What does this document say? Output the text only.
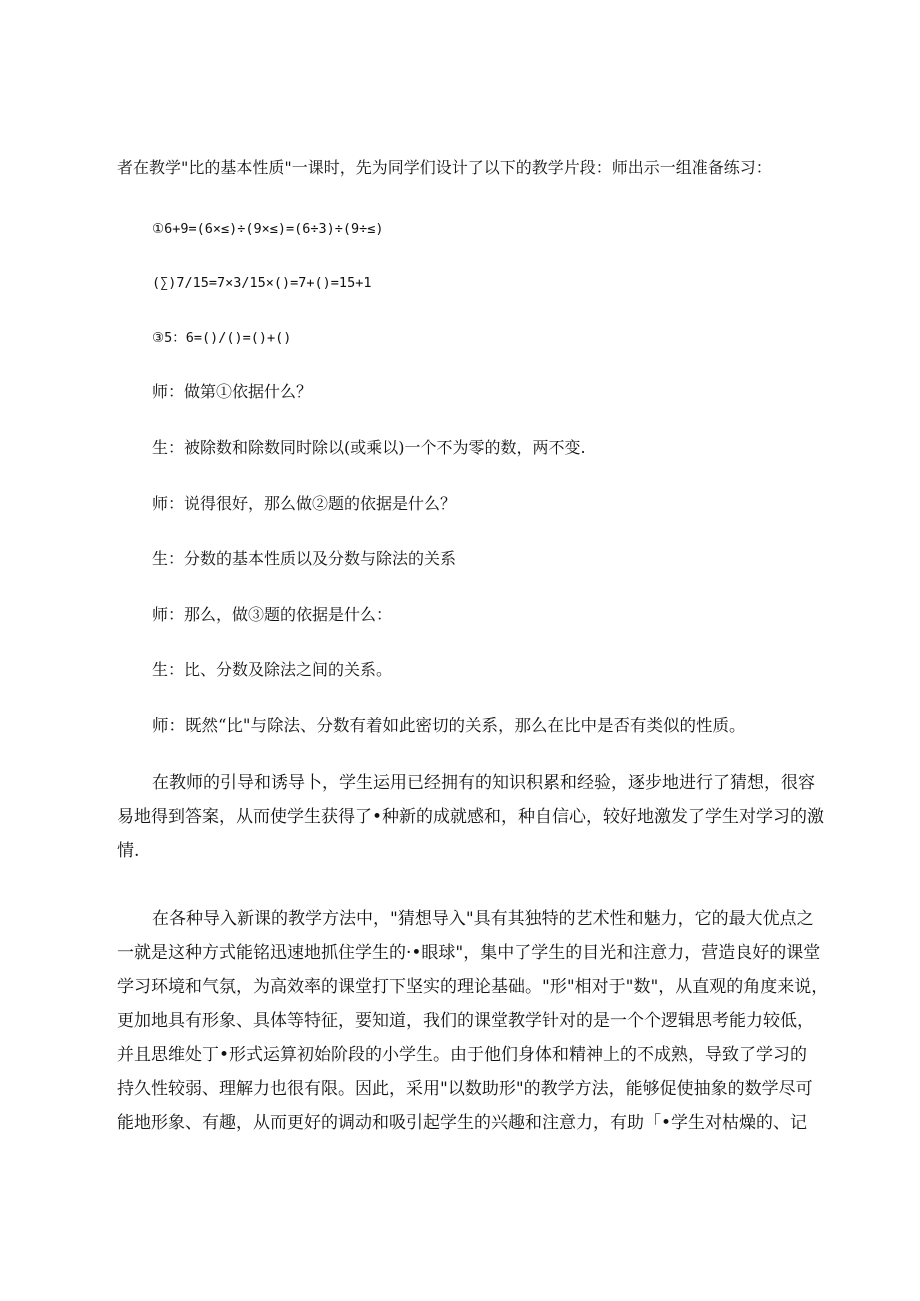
者在教学"比的基本性质"一课时，先为同学们设计了以下的教学片段：师出示一组准备练习：
①6+9=(6×≤)÷(9×≤)=(6÷3)÷(9÷≤)
(∑)7/15=7×3/15×()=7+()=15+1
③5：6=()/()=()+()
师：做第①依据什么？
生：被除数和除数同时除以(或乘以)一个不为零的数，两不变.
师：说得很好，那么做②题的依据是什么？
生：分数的基本性质以及分数与除法的关系
师：那么，做③题的依据是什么：
生：比、分数及除法之间的关系。
师：既然“比"与除法、分数有着如此密切的关系，那么在比中是否有类似的性质。
在教师的引导和诱导卜，学生运用已经拥有的知识积累和经验，逐步地进行了猜想，很容
易地得到答案，从而使学生获得了•种新的成就感和，种自信心，较好地激发了学生对学习的激
情.
在各种导入新课的教学方法中，"猜想导入"具有其独特的艺术性和魅力，它的最大优点之
一就是这种方式能铭迅速地抓住学生的·•眼球"，集中了学生的目光和注意力，营造良好的课堂
学习环境和气氛，为高效率的课堂打下坚实的理论基础。"形"相对于"数"，从直观的角度来说，
更加地具有形象、具体等特征，要知道，我们的课堂教学针对的是一个个逻辑思考能力较低，
并且思维处丁•形式运算初始阶段的小学生。由于他们身体和精神上的不成熟，导致了学习的
持久性较弱、理解力也很有限。因此，采用"以数助形"的教学方法，能够促使抽象的数学尽可
能地形象、有趣，从而更好的调动和吸引起学生的兴趣和注意力，有助「•学生对枯燥的、记
